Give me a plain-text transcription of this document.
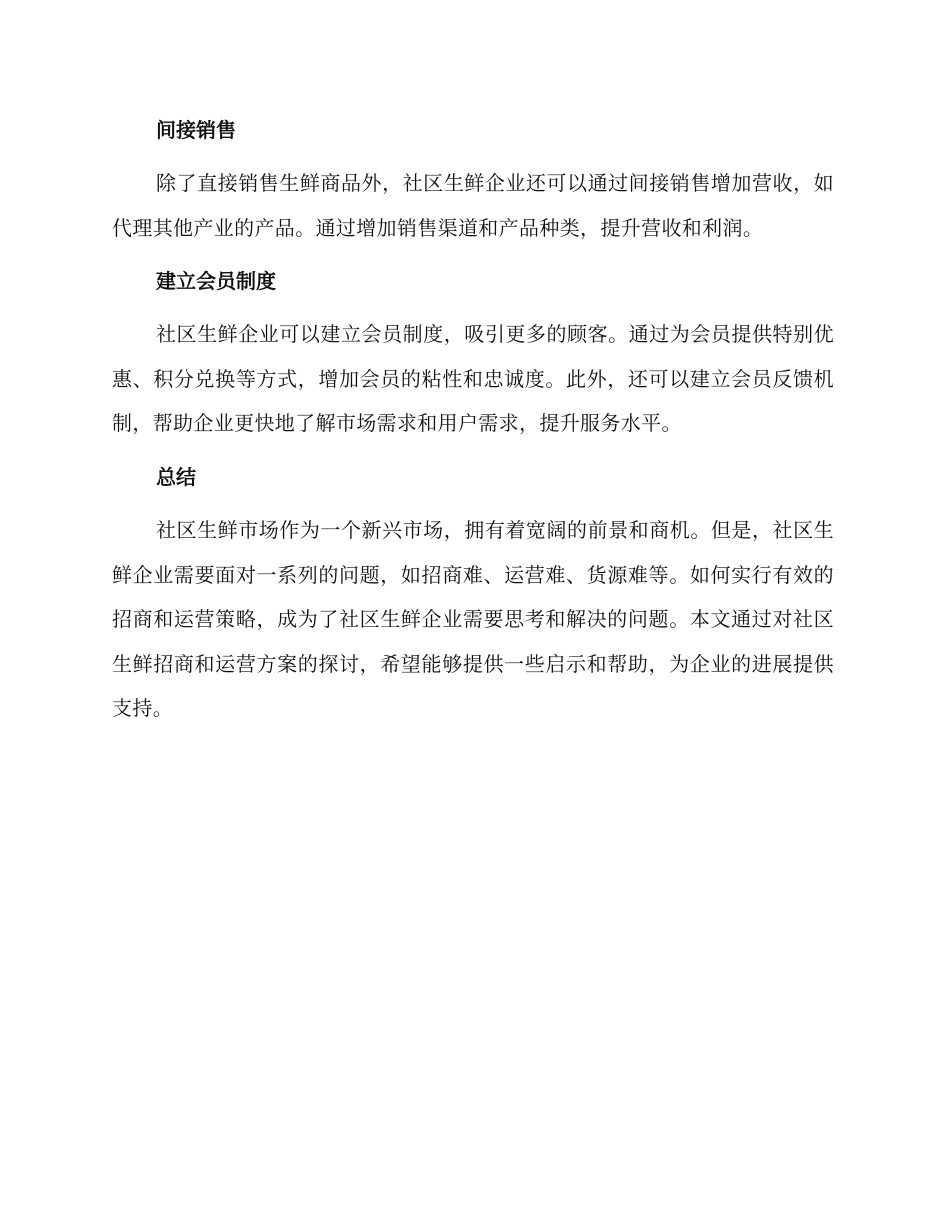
间接销售

除了直接销售生鲜商品外，社区生鲜企业还可以通过间接销售增加营收，如代理其他产业的产品。通过增加销售渠道和产品种类，提升营收和利润。

建立会员制度

社区生鲜企业可以建立会员制度，吸引更多的顾客。通过为会员提供特别优惠、积分兑换等方式，增加会员的粘性和忠诚度。此外，还可以建立会员反馈机制，帮助企业更快地了解市场需求和用户需求，提升服务水平。

总结

社区生鲜市场作为一个新兴市场，拥有着宽阔的前景和商机。但是，社区生鲜企业需要面对一系列的问题，如招商难、运营难、货源难等。如何实行有效的招商和运营策略，成为了社区生鲜企业需要思考和解决的问题。本文通过对社区生鲜招商和运营方案的探讨，希望能够提供一些启示和帮助，为企业的进展提供支持。
